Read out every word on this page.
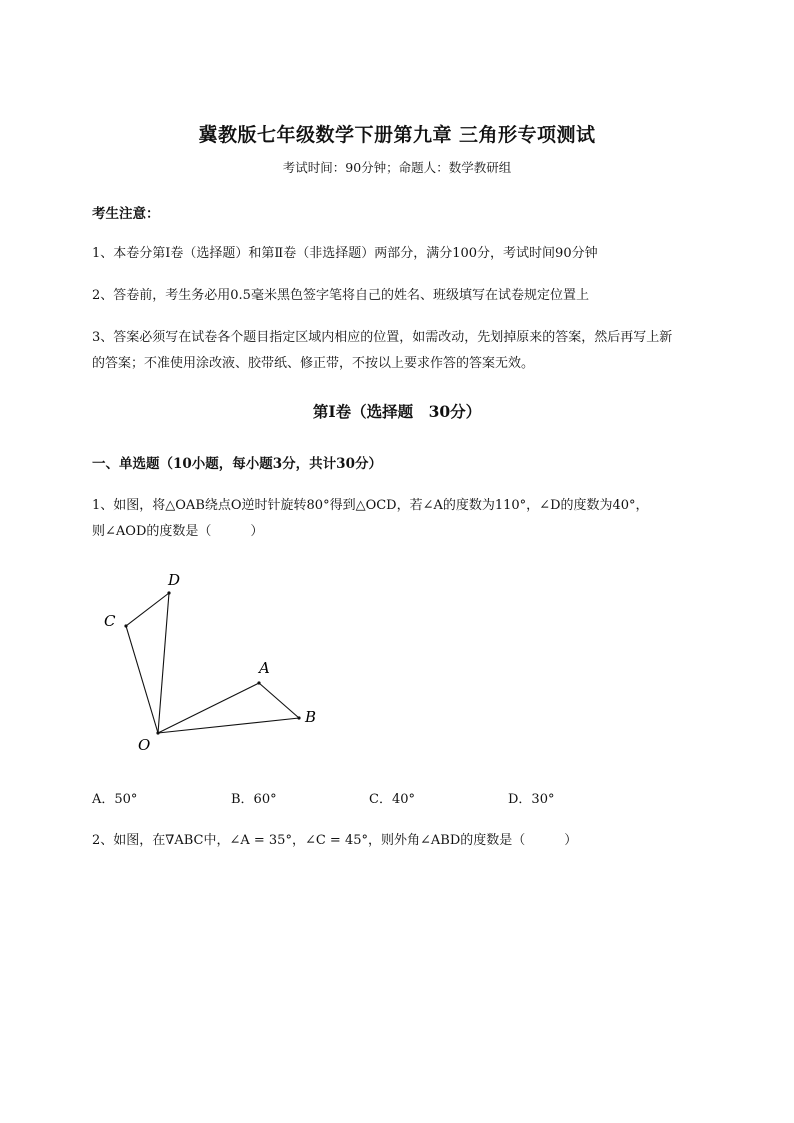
冀教版七年级数学下册第九章 三角形专项测试
考试时间：90分钟；命题人：数学教研组
考生注意：
1、本卷分第I卷（选择题）和第Ⅱ卷（非选择题）两部分，满分100分，考试时间90分钟
2、答卷前，考生务必用0.5毫米黑色签字笔将自己的姓名、班级填写在试卷规定位置上
3、答案必须写在试卷各个题目指定区域内相应的位置，如需改动，先划掉原来的答案，然后再写上新
的答案；不准使用涂改液、胶带纸、修正带，不按以上要求作答的答案无效。
第I卷（选择题　30分）
一、单选题（10小题，每小题3分，共计30分）
1、如图，将△OAB绕点O逆时针旋转80°得到△OCD，若∠A的度数为110°，∠D的度数为40°，
则∠AOD的度数是（　　　）
D
C
A
B
O
A．50°	B．60°	C．40°	D．30°
2、如图，在∇ABC中，∠A = 35°，∠C = 45°，则外角∠ABD的度数是（　　　）
